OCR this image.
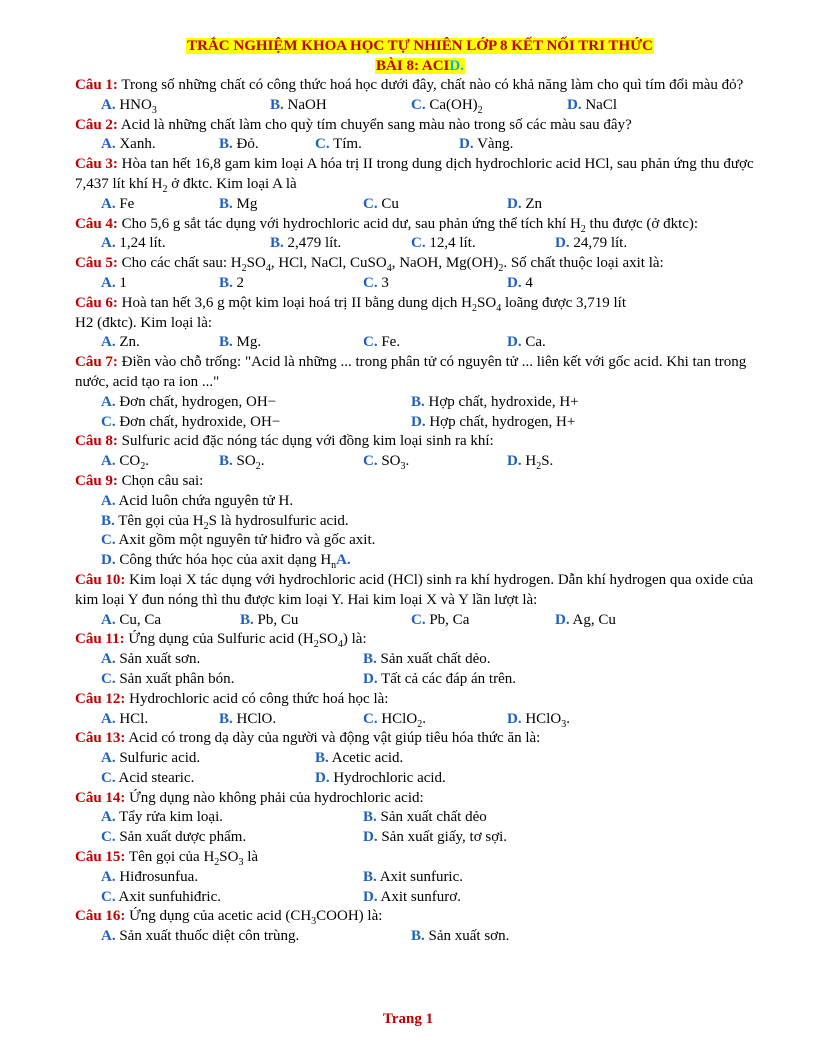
TRẮC NGHIỆM KHOA HỌC TỰ NHIÊN LỚP 8 KẾT NỐI TRI THỨC
BÀI 8: ACID.
Câu 1: Trong số những chất có công thức hoá học dưới đây, chất nào có khả năng làm cho quì tím đổi màu đỏ?
A. $HNO_3$	B. NaOH	C. $Ca(OH)_2$	D. NaCl
Câu 2: Acid là những chất làm cho quỳ tím chuyển sang màu nào trong số các màu sau đây?
A. Xanh.	B. Đỏ.	C. Tím.	D. Vàng.
Câu 3: Hòa tan hết 16,8 gam kim loại A hóa trị II trong dung dịch hydrochloric acid HCl, sau phản ứng thu được 7,437 lít khí $H_2$ ở đktc. Kim loại A là
A. Fe	B. Mg	C. Cu	D. Zn
Câu 4: Cho 5,6 g sắt tác dụng với hydrochloric acid dư, sau phản ứng thể tích khí $H_2$ thu được (ở đktc):
A. 1,24 lít.	B. 2,479 lít.	C. 12,4 lít.	D. 24,79 lít.
Câu 5: Cho các chất sau: $H_2SO_4$, HCl, NaCl, CuSO$_4$, NaOH, $Mg(OH)_2$. Số chất thuộc loại axit là:
A. 1	B. 2	C. 3	D. 4
Câu 6: Hoà tan hết 3,6 g một kim loại hoá trị II bằng dung dịch $H_2SO_4$ loãng được 3,719 lít
H2 (đktc). Kim loại là:
A. Zn.	B. Mg.	C. Fe.	D. Ca.
Câu 7: Điền vào chỗ trống: "Acid là những ... trong phân tử có nguyên tử ... liên kết với gốc acid. Khi tan trong nước, acid tạo ra ion ..."
A. Đơn chất, hydrogen, OH−	B. Hợp chất, hydroxide, H+
C. Đơn chất, hydroxide, OH−	D. Hợp chất, hydrogen, H+
Câu 8: Sulfuric acid đặc nóng tác dụng với đồng kim loại sinh ra khí:
A. $CO_2$.	B. $SO_2$.	C. $SO_3$.	D. $H_2S$.
Câu 9: Chọn câu sai:
A. Acid luôn chứa nguyên tử H.
B. Tên gọi của $H_2S$ là hydrosulfuric acid.
C. Axit gồm một nguyên tử hiđro và gốc axit.
D. Công thức hóa học của axit dạng $H_nA$.
Câu 10: Kim loại X tác dụng với hydrochloric acid (HCl) sinh ra khí hydrogen. Dẫn khí hydrogen qua oxide của kim loại Y đun nóng thì thu được kim loại Y. Hai kim loại X và Y lần lượt là:
A. Cu, Ca	B. Pb, Cu	C. Pb, Ca	D. Ag, Cu
Câu 11: Ứng dụng của Sulfuric acid $(H_2SO_4)$ là:
A. Sản xuất sơn.	B. Sản xuất chất dẻo.
C. Sản xuất phân bón.	D. Tất cả các đáp án trên.
Câu 12: Hydrochloric acid có công thức hoá học là:
A. HCl.	B. HClO.	C. HClO$_2$.	D. HClO$_3$.
Câu 13: Acid có trong dạ dày của người và động vật giúp tiêu hóa thức ăn là:
A. Sulfuric acid.	B. Acetic acid.
C. Acid stearic.	D. Hydrochloric acid.
Câu 14: Ứng dụng nào không phải của hydrochloric acid:
A. Tẩy rửa kim loại.	B. Sản xuất chất dẻo
C. Sản xuất dược phẩm.	D. Sản xuất giấy, tơ sợi.
Câu 15: Tên gọi của $H_2SO_3$ là
A. Hiđrosunfua.	B. Axit sunfuric.
C. Axit sunfuhiđric.	D. Axit sunfurơ.
Câu 16: Ứng dụng của acetic acid $(CH_3COOH)$ là:
A. Sản xuất thuốc diệt côn trùng.	B. Sản xuất sơn.
Trang 1
